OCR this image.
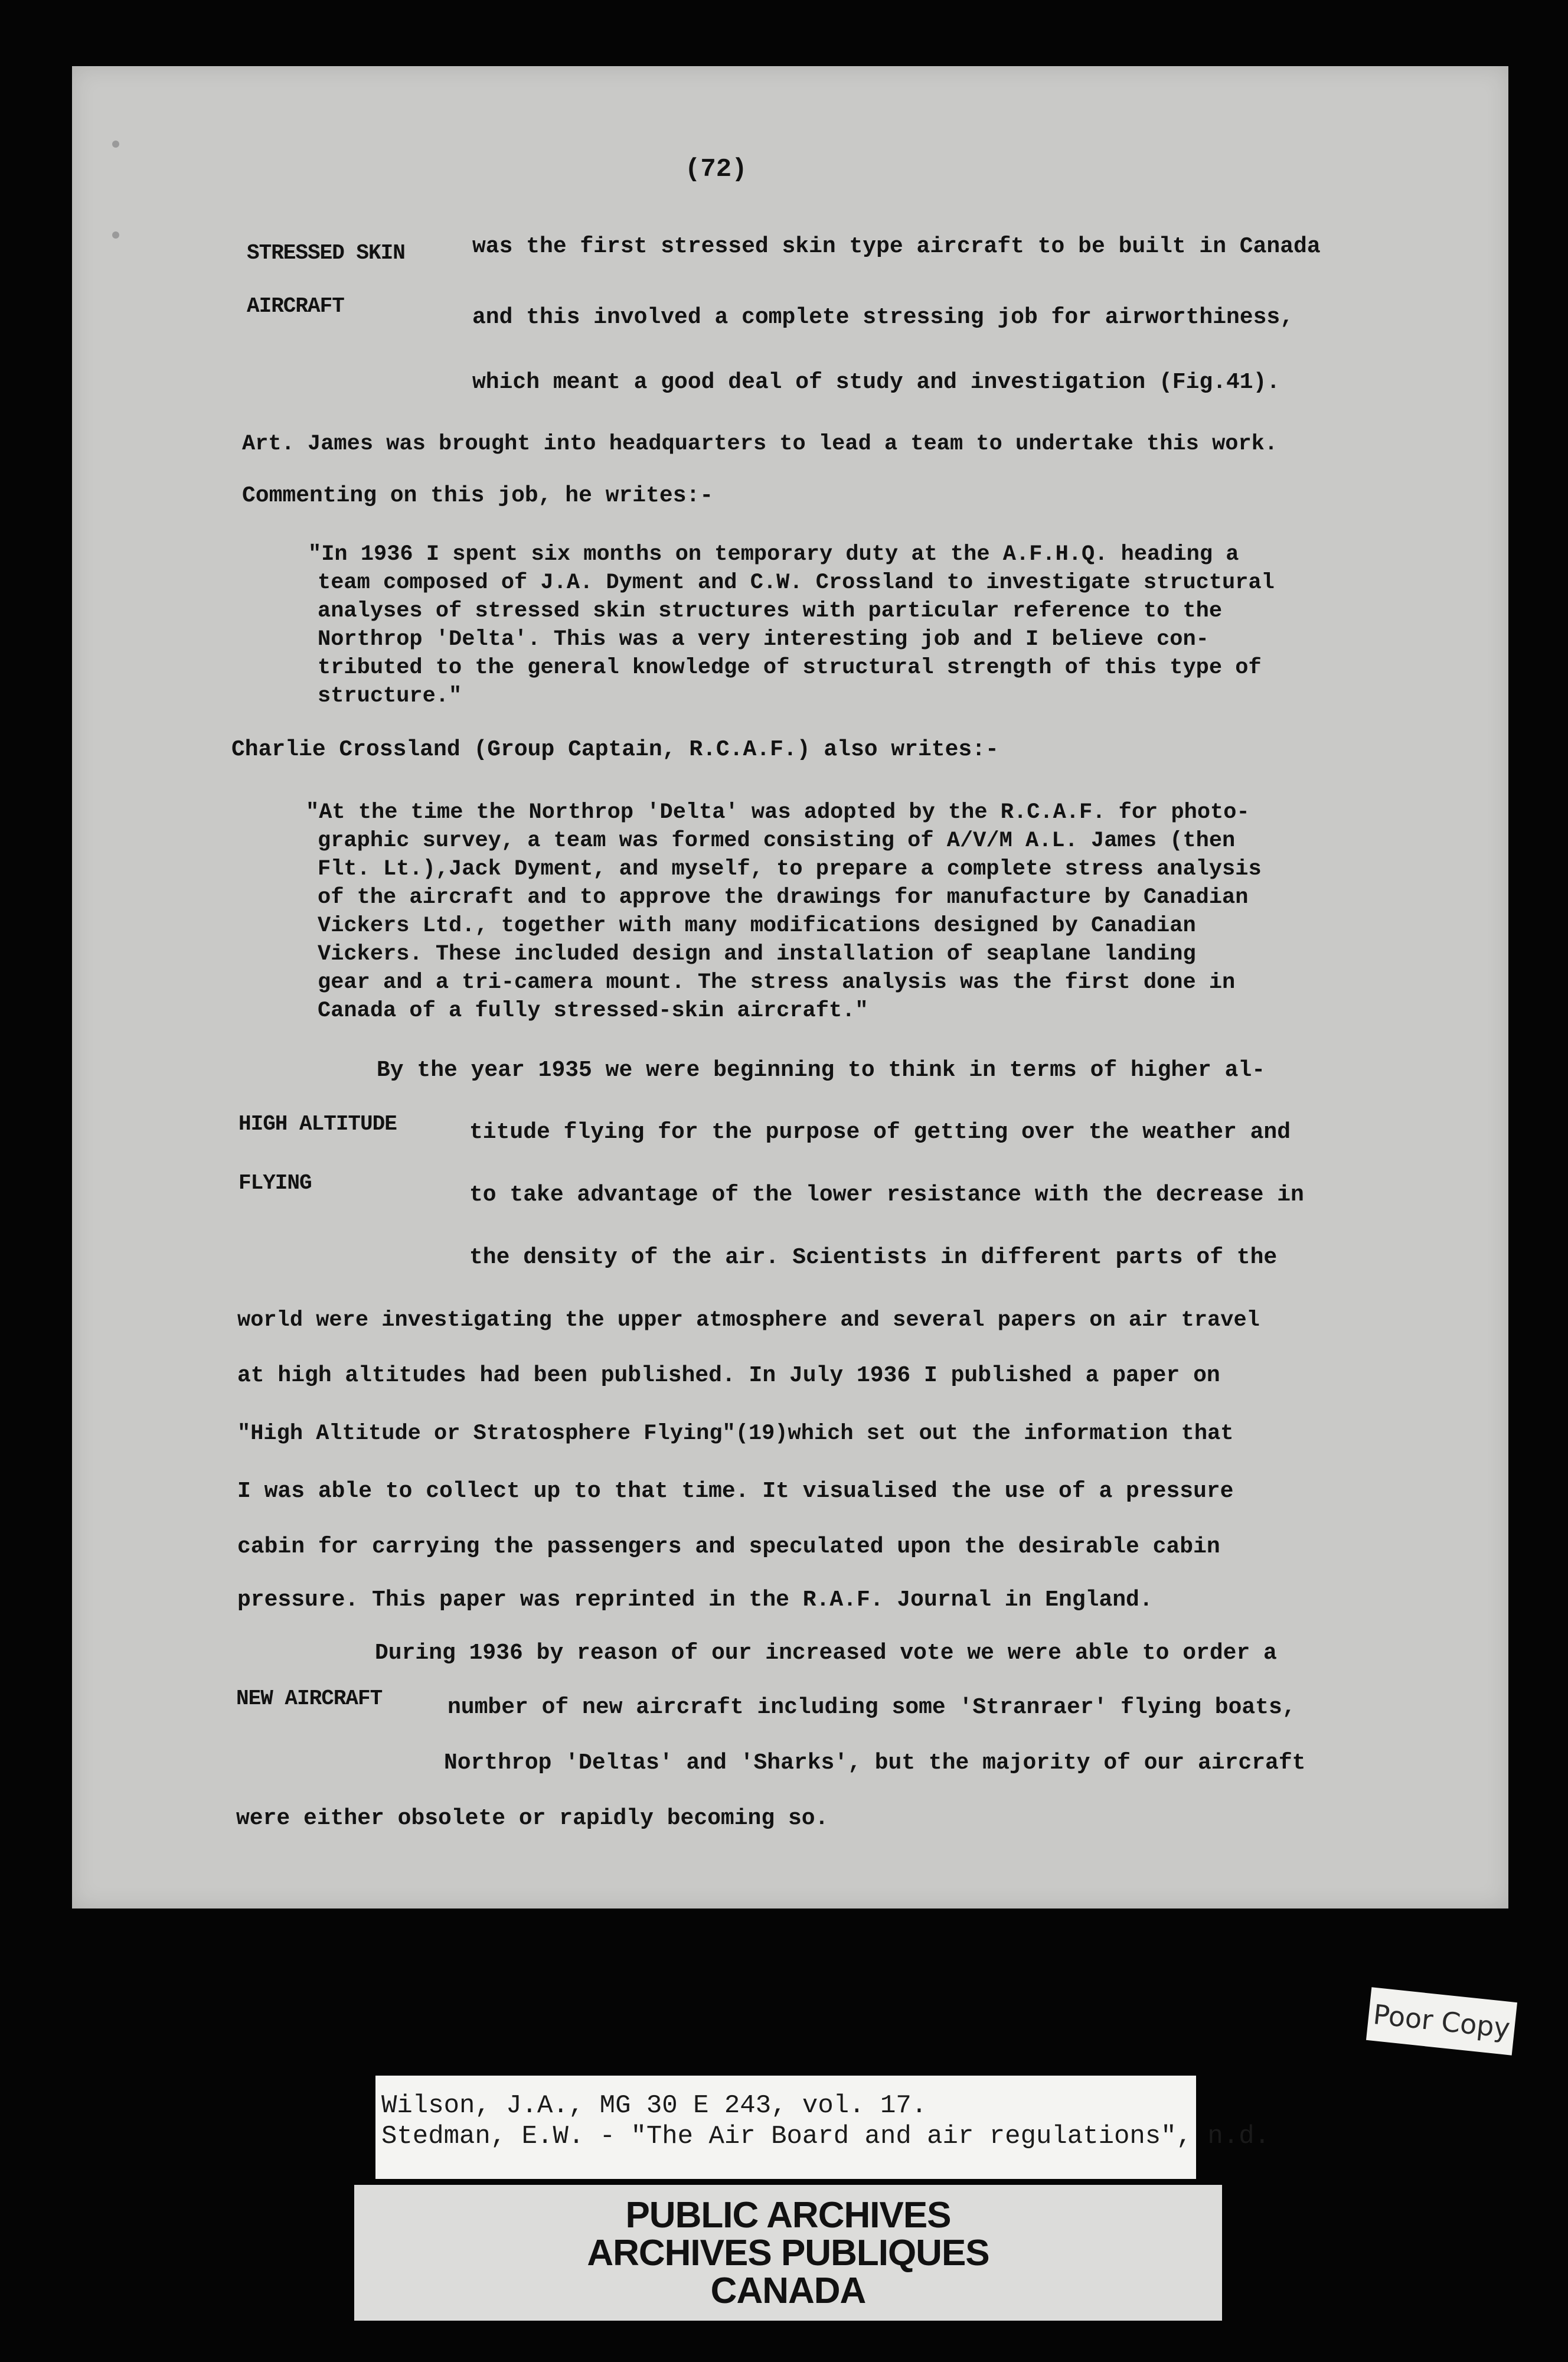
(72)

STRESSED SKIN

AIRCRAFT

was the first stressed skin type aircraft to be built in Canada

and this involved a complete stressing job for airworthiness,

which meant a good deal of study and investigation (Fig.41).

Art. James was brought into headquarters to lead a team to undertake this work.

Commenting on this job, he writes:-

"In 1936 I spent six months on temporary duty at the A.F.H.Q. heading a

team composed of J.A. Dyment and C.W. Crossland to investigate structural

analyses of stressed skin structures with particular reference to the

Northrop 'Delta'. This was a very interesting job and I believe con-

tributed to the general knowledge of structural strength of this type of

structure."

Charlie Crossland (Group Captain, R.C.A.F.) also writes:-

"At the time the Northrop 'Delta' was adopted by the R.C.A.F. for photo-

graphic survey, a team was formed consisting of A/V/M A.L. James (then

Flt. Lt.),Jack Dyment, and myself, to prepare a complete stress analysis

of the aircraft and to approve the drawings for manufacture by Canadian

Vickers Ltd., together with many modifications designed by Canadian

Vickers. These included design and installation of seaplane landing

gear and a tri-camera mount. The stress analysis was the first done in

Canada of a fully stressed-skin aircraft."

By the year 1935 we were beginning to think in terms of higher al-

HIGH ALTITUDE	titude flying for the purpose of getting over the weather and

FLYING	to take advantage of the lower resistance with the decrease in

the density of the air. Scientists in different parts of the

world were investigating the upper atmosphere and several papers on air travel

at high altitudes had been published. In July 1936 I published a paper on

"High Altitude or Stratosphere Flying"(19)which set out the information that

I was able to collect up to that time. It visualised the use of a pressure

cabin for carrying the passengers and speculated upon the desirable cabin

pressure. This paper was reprinted in the R.A.F. Journal in England.

During 1936 by reason of our increased vote we were able to order a

NEW AIRCRAFT	number of new aircraft including some 'Stranraer' flying boats,

Northrop 'Deltas' and 'Sharks', but the majority of our aircraft

were either obsolete or rapidly becoming so.

Poor Copy

Wilson, J.A., MG 30 E 243, vol. 17.

Stedman, E.W. - "The Air Board and air regulations", n.d.

PUBLIC ARCHIVES
ARCHIVES PUBLIQUES
CANADA
